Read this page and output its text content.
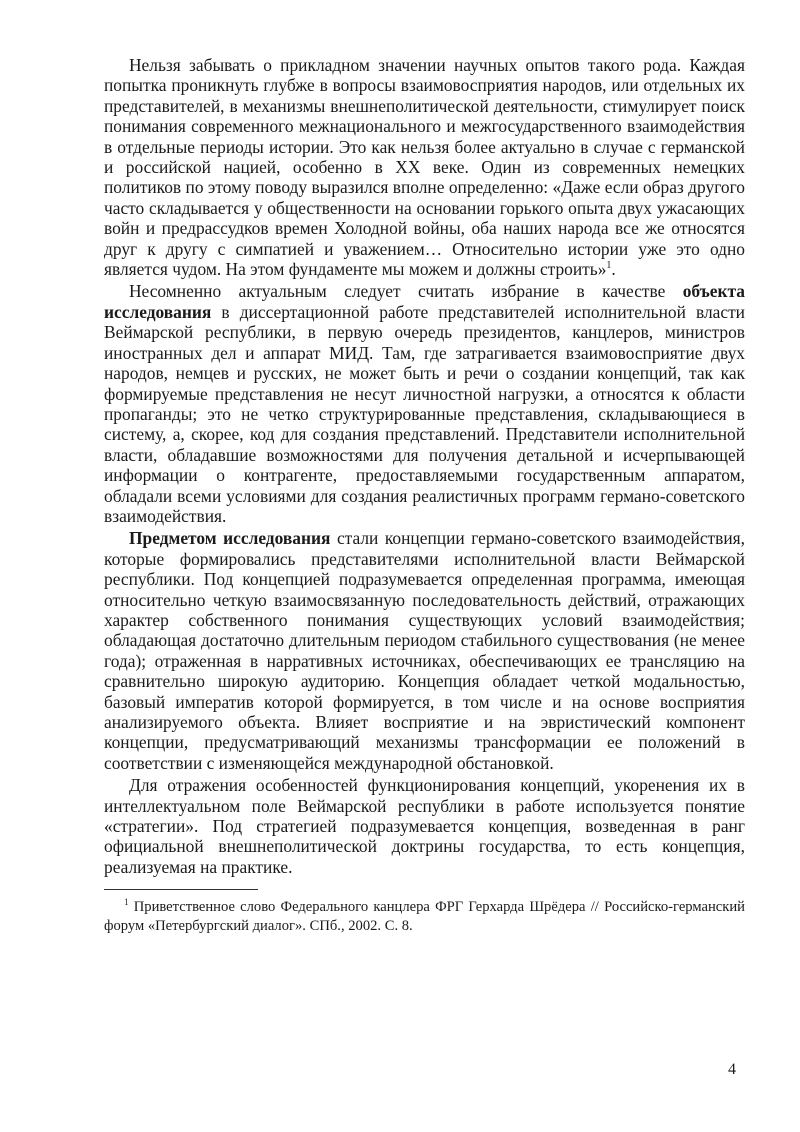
Нельзя забывать о прикладном значении научных опытов такого рода. Каждая попытка проникнуть глубже в вопросы взаимовосприятия народов, или отдельных их представителей, в механизмы внешнеполитической деятельности, стимулирует поиск понимания современного межнационального и межгосударственного взаимодействия в отдельные периоды истории. Это как нельзя более актуально в случае с германской и российской нацией, особенно в XX веке. Один из современных немецких политиков по этому поводу выразился вполне определенно: «Даже если образ другого часто складывается у общественности на основании горького опыта двух ужасающих войн и предрассудков времен Холодной войны, оба наших народа все же относятся друг к другу с симпатией и уважением… Относительно истории уже это одно является чудом. На этом фундаменте мы можем и должны строить»$^1$.

Несомненно актуальным следует считать избрание в качестве объекта исследования в диссертационной работе представителей исполнительной власти Веймарской республики, в первую очередь президентов, канцлеров, министров иностранных дел и аппарат МИД. Там, где затрагивается взаимовосприятие двух народов, немцев и русских, не может быть и речи о создании концепций, так как формируемые представления не несут личностной нагрузки, а относятся к области пропаганды; это не четко структурированные представления, складывающиеся в систему, а, скорее, код для создания представлений. Представители исполнительной власти, обладавшие возможностями для получения детальной и исчерпывающей информации о контрагенте, предоставляемыми государственным аппаратом, обладали всеми условиями для создания реалистичных программ германо-советского взаимодействия.

Предметом исследования стали концепции германо-советского взаимодействия, которые формировались представителями исполнительной власти Веймарской республики. Под концепцией подразумевается определенная программа, имеющая относительно четкую взаимосвязанную последовательность действий, отражающих характер собственного понимания существующих условий взаимодействия; обладающая достаточно длительным периодом стабильного существования (не менее года); отраженная в нарративных источниках, обеспечивающих ее трансляцию на сравнительно широкую аудиторию. Концепция обладает четкой модальностью, базовый императив которой формируется, в том числе и на основе восприятия анализируемого объекта. Влияет восприятие и на эвристический компонент концепции, предусматривающий механизмы трансформации ее положений в соответствии с изменяющейся международной обстановкой.

Для отражения особенностей функционирования концепций, укоренения их в интеллектуальном поле Веймарской республики в работе используется понятие «стратегии». Под стратегией подразумевается концепция, возведенная в ранг официальной внешнеполитической доктрины государства, то есть концепция, реализуемая на практике.

$^1$ Приветственное слово Федерального канцлера ФРГ Герхарда Шрёдера // Российско-германский форум «Петербургский диалог». СПб., 2002. С. 8.
4
